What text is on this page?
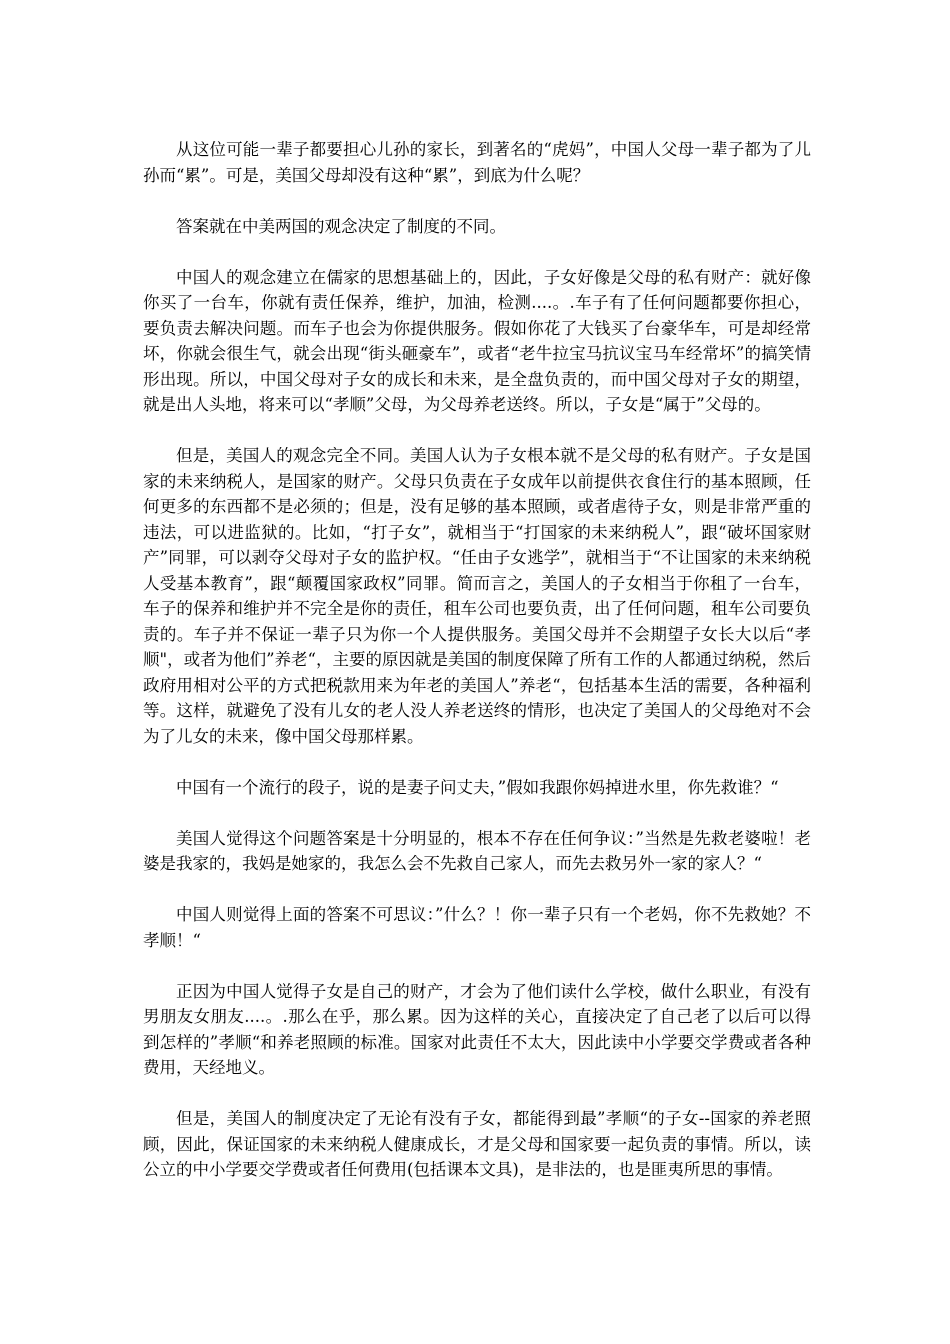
从这位可能一辈子都要担心儿孙的家长，到著名的“虎妈”，中国人父母一辈子都为了儿孙而“累”。可是，美国父母却没有这种“累”，到底为什么呢？

答案就在中美两国的观念决定了制度的不同。

中国人的观念建立在儒家的思想基础上的，因此，子女好像是父母的私有财产：就好像你买了一台车，你就有责任保养，维护，加油，检测....。.车子有了任何问题都要你担心，要负责去解决问题。而车子也会为你提供服务。假如你花了大钱买了台豪华车，可是却经常坏，你就会很生气，就会出现“街头砸豪车”，或者“老牛拉宝马抗议宝马车经常坏”的搞笑情形出现。所以，中国父母对子女的成长和未来，是全盘负责的，而中国父母对子女的期望，就是出人头地，将来可以“孝顺”父母，为父母养老送终。所以，子女是“属于”父母的。

但是，美国人的观念完全不同。美国人认为子女根本就不是父母的私有财产。子女是国家的未来纳税人，是国家的财产。父母只负责在子女成年以前提供衣食住行的基本照顾，任何更多的东西都不是必须的；但是，没有足够的基本照顾，或者虐待子女，则是非常严重的违法，可以进监狱的。比如，“打子女”，就相当于“打国家的未来纳税人”，跟“破坏国家财产”同罪，可以剥夺父母对子女的监护权。“任由子女逃学”，就相当于“不让国家的未来纳税人受基本教育”，跟“颠覆国家政权”同罪。简而言之，美国人的子女相当于你租了一台车，车子的保养和维护并不完全是你的责任，租车公司也要负责，出了任何问题，租车公司要负责的。车子并不保证一辈子只为你一个人提供服务。美国父母并不会期望子女长大以后“孝顺"，或者为他们”养老“，主要的原因就是美国的制度保障了所有工作的人都通过纳税，然后政府用相对公平的方式把税款用来为年老的美国人”养老“，包括基本生活的需要，各种福利等。这样，就避免了没有儿女的老人没人养老送终的情形，也决定了美国人的父母绝对不会为了儿女的未来，像中国父母那样累。

中国有一个流行的段子，说的是妻子问丈夫，”假如我跟你妈掉进水里，你先救谁？“

美国人觉得这个问题答案是十分明显的，根本不存在任何争议：”当然是先救老婆啦！老婆是我家的，我妈是她家的，我怎么会不先救自己家人，而先去救另外一家的家人？“

中国人则觉得上面的答案不可思议：”什么？！你一辈子只有一个老妈，你不先救她？不孝顺！“

正因为中国人觉得子女是自己的财产，才会为了他们读什么学校，做什么职业，有没有男朋友女朋友....。.那么在乎，那么累。因为这样的关心，直接决定了自己老了以后可以得到怎样的”孝顺“和养老照顾的标准。国家对此责任不太大，因此读中小学要交学费或者各种费用，天经地义。

但是，美国人的制度决定了无论有没有子女，都能得到最”孝顺“的子女--国家的养老照顾，因此，保证国家的未来纳税人健康成长，才是父母和国家要一起负责的事情。所以，读公立的中小学要交学费或者任何费用(包括课本文具)，是非法的，也是匪夷所思的事情。
